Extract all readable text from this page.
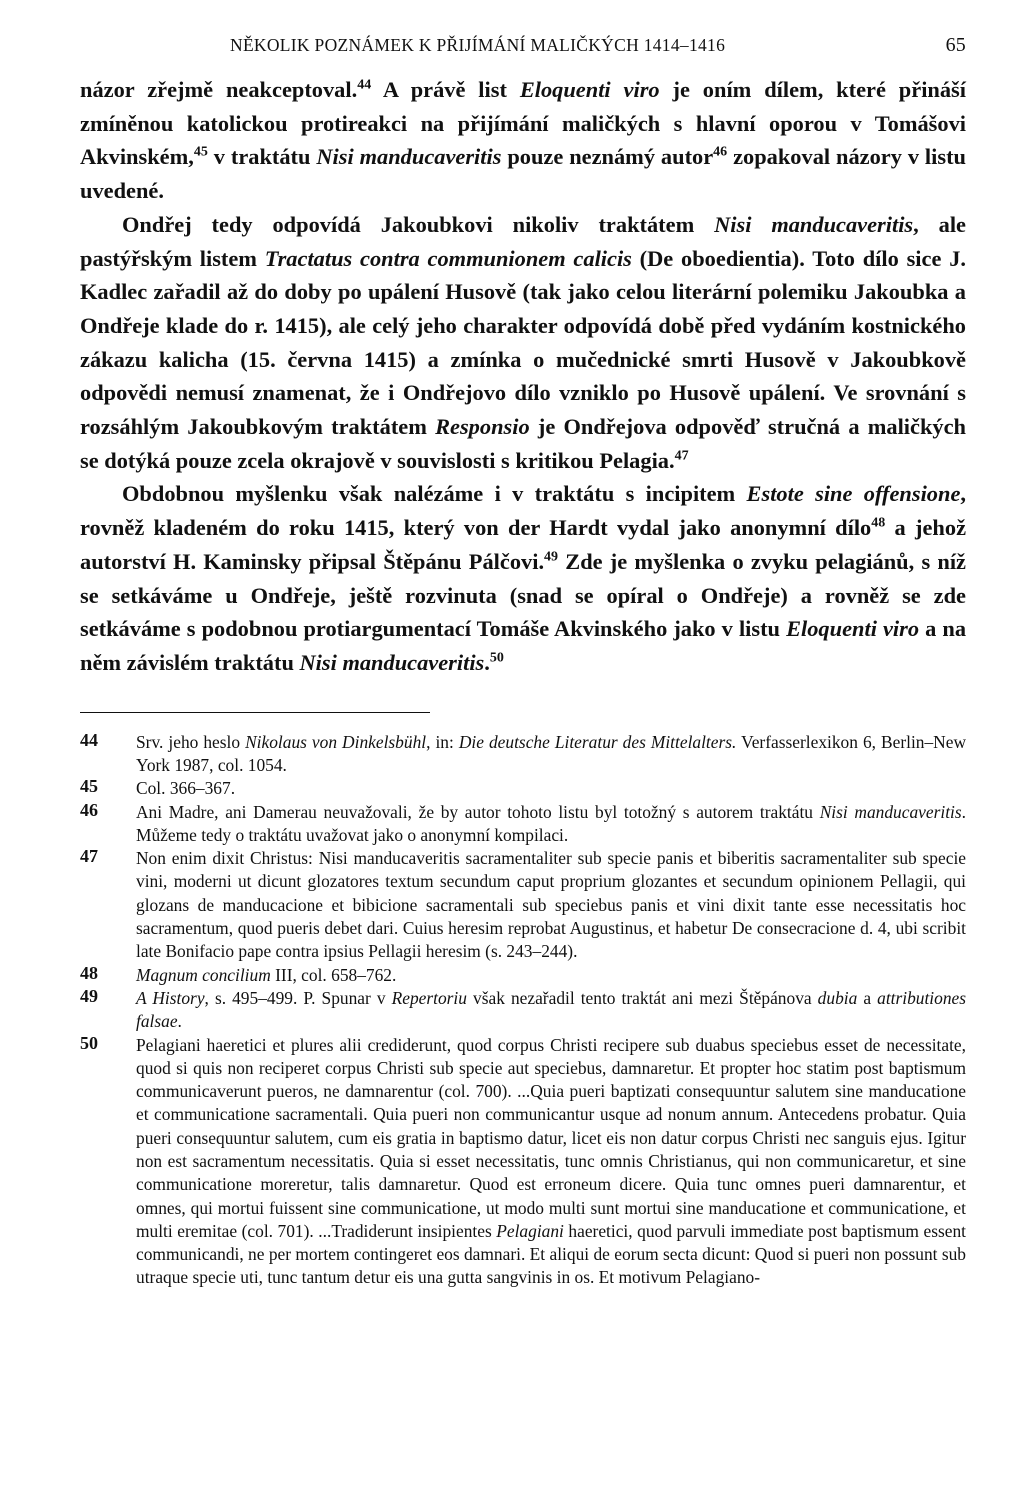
NĚKOLIK POZNÁMEK K PŘIJÍMÁNÍ MALIČKÝCH 1414–1416	65

názor zřejmě neakceptoval.$^{44}$ A právě list Eloquenti viro je oním dílem, které přináší zmíněnou katolickou protireakci na přijímání maličkých s hlavní oporou v Tomášovi Akvinském,$^{45}$ v traktátu Nisi manducaveritis pouze neznámý autor$^{46}$ zopakoval názory v listu uvedené.

Ondřej tedy odpovídá Jakoubkovi nikoliv traktátem Nisi manducaveritis, ale pastýřským listem Tractatus contra communionem calicis (De oboedientia). Toto dílo sice J. Kadlec zařadil až do doby po upálení Husově (tak jako celou literární polemiku Jakoubka a Ondřeje klade do r. 1415), ale celý jeho charakter odpovídá době před vydáním kostnického zákazu kalicha (15. června 1415) a zmínka o mučednické smrti Husově v Jakoubkově odpovědi nemusí znamenat, že i Ondřejovo dílo vzniklo po Husově upálení. Ve srovnání s rozsáhlým Jakoubkovým traktátem Responsio je Ondřejova odpověď stručná a maličkých se dotýká pouze zcela okrajově v souvislosti s kritikou Pelagia.$^{47}$

Obdobnou myšlenku však nalézáme i v traktátu s incipitem Estote sine offensione, rovněž kladeném do roku 1415, který von der Hardt vydal jako anonymní dílo$^{48}$ a jehož autorství H. Kaminsky připsal Štěpánu Pálčovi.$^{49}$ Zde je myšlenka o zvyku pelagiánů, s níž se setkáváme u Ondřeje, ještě rozvinuta (snad se opíral o Ondřeje) a rovněž se zde setkáváme s podobnou protiargumentací Tomáše Akvinského jako v listu Eloquenti viro a na něm závislém traktátu Nisi manducaveritis.$^{50}$

44	Srv. jeho heslo Nikolaus von Dinkelsbühl, in: Die deutsche Literatur des Mittelalters. Verfasserlexikon 6, Berlin–New York 1987, col. 1054.
45	Col. 366–367.
46	Ani Madre, ani Damerau neuvažovali, že by autor tohoto listu byl totožný s autorem traktátu Nisi manducaveritis. Můžeme tedy o traktátu uvažovat jako o anonymní kompilaci.
47	Non enim dixit Christus: Nisi manducaveritis sacramentaliter sub specie panis et biberitis sacramentaliter sub specie vini, moderni ut dicunt glozatores textum secundum caput proprium glozantes et secundum opinionem Pellagii, qui glozans de manducacione et bibicione sacramentali sub speciebus panis et vini dixit tante esse necessitatis hoc sacramentum, quod pueris debet dari. Cuius heresim reprobat Augustinus, et habetur De consecracione d. 4, ubi scribit late Bonifacio pape contra ipsius Pellagii heresim (s. 243–244).
48	Magnum concilium III, col. 658–762.
49	A History, s. 495–499. P. Spunar v Repertoriu však nezařadil tento traktát ani mezi Štěpánova dubia a attributiones falsae.
50	Pelagiani haeretici et plures alii crediderunt, quod corpus Christi recipere sub duabus speciebus esset de necessitate, quod si quis non reciperet corpus Christi sub specie aut speciebus, damnaretur. Et propter hoc statim post baptismum communicaverunt pueros, ne damnarentur (col. 700). ...Quia pueri baptizati consequuntur salutem sine manducatione et communicatione sacramentali. Quia pueri non communicantur usque ad nonum annum. Antecedens probatur. Quia pueri consequuntur salutem, cum eis gratia in baptismo datur, licet eis non datur corpus Christi nec sanguis ejus. Igitur non est sacramentum necessitatis. Quia si esset necessitatis, tunc omnis Christianus, qui non communicaretur, et sine communicatione moreretur, talis damnaretur. Quod est erroneum dicere. Quia tunc omnes pueri damnarentur, et omnes, qui mortui fuissent sine communicatione, ut modo multi sunt mortui sine manducatione et communicatione, et multi eremitae (col. 701). ...Tradiderunt insipientes Pelagiani haeretici, quod parvuli immediate post baptismum essent communicandi, ne per mortem contingeret eos damnari. Et aliqui de eorum secta dicunt: Quod si pueri non possunt sub utraque specie uti, tunc tantum detur eis una gutta sangvinis in os. Et motivum Pelagiano-
